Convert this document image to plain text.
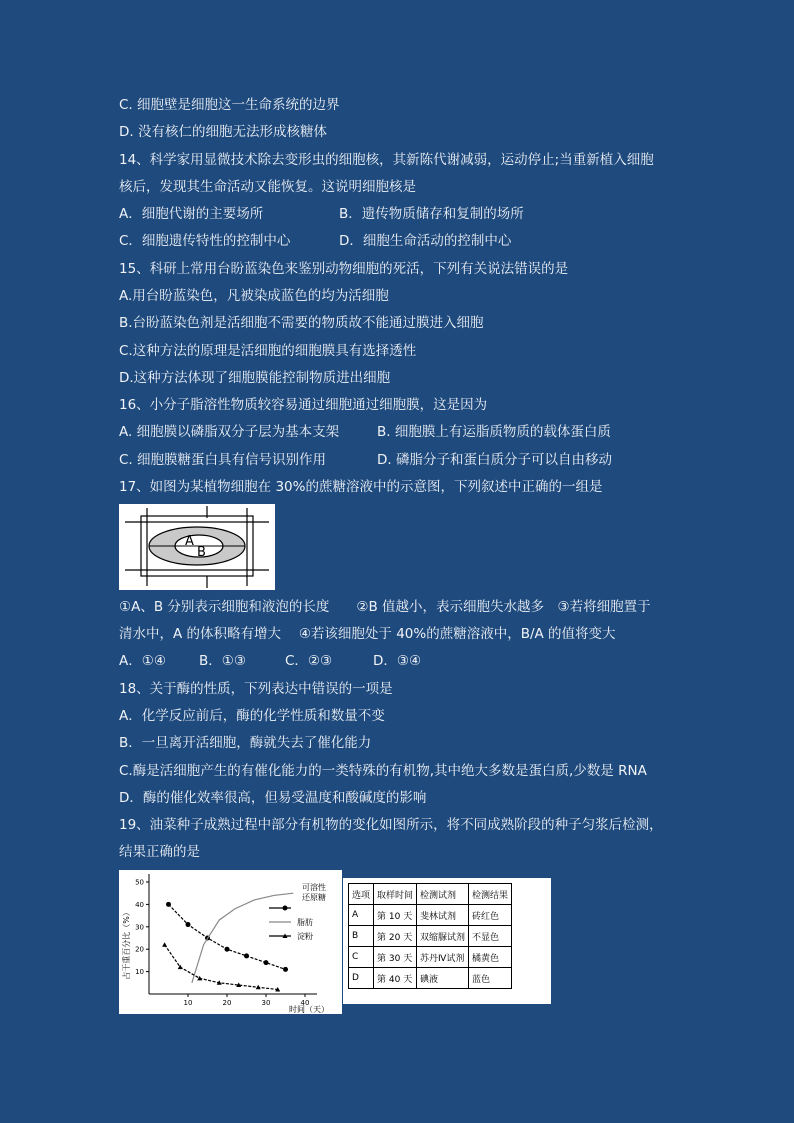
C. 细胞壁是细胞这一生命系统的边界
D. 没有核仁的细胞无法形成核糖体
14、科学家用显微技术除去变形虫的细胞核，其新陈代谢减弱，运动停止;当重新植入细胞
核后，发现其生命活动又能恢复。这说明细胞核是
A．细胞代谢的主要场所	B．遗传物质储存和复制的场所
C．细胞遗传特性的控制中心	D．细胞生命活动的控制中心
15、科研上常用台盼蓝染色来鉴别动物细胞的死活，下列有关说法错误的是
A.用台盼蓝染色，凡被染成蓝色的均为活细胞
B.台盼蓝染色剂是活细胞不需要的物质故不能通过膜进入细胞
C.这种方法的原理是活细胞的细胞膜具有选择透性
D.这种方法体现了细胞膜能控制物质进出细胞
16、小分子脂溶性物质较容易通过细胞通过细胞膜，这是因为
A. 细胞膜以磷脂双分子层为基本支架	B. 细胞膜上有运脂质物质的载体蛋白质
C. 细胞膜糖蛋白具有信号识别作用	D. 磷脂分子和蛋白质分子可以自由移动
17、如图为某植物细胞在 30%的蔗糖溶液中的示意图，下列叙述中正确的一组是
A
B
①A、B 分别表示细胞和液泡的长度　　②B 值越小，表示细胞失水越多　③若将细胞置于
清水中，A 的体积略有增大　 ④若该细胞处于 40%的蔗糖溶液中，B/A 的值将变大
A．①④ B．①③	C．②③	D．③④
18、关于酶的性质，下列表达中错误的一项是
A．化学反应前后，酶的化学性质和数量不变
B．一旦离开活细胞，酶就失去了催化能力
C.酶是活细胞产生的有催化能力的一类特殊的有机物,其中绝大多数是蛋白质,少数是 RNA
D．酶的催化效率很高，但易受温度和酸碱度的影响
19、油菜种子成熟过程中部分有机物的变化如图所示，将不同成熟阶段的种子匀浆后检测，
结果正确的是
10	20	30	40
10
20
30
40
50
可溶性
还原糖
脂肪
淀粉
占干重百分比（%）
时间（天）
选项	取样时间	检测试剂	检测结果
A	第 10 天	斐林试剂	砖红色
B	第 20 天	双缩脲试剂	不显色
C	第 30 天	苏丹Ⅳ试剂	橘黄色
D	第 40 天	碘液	蓝色
